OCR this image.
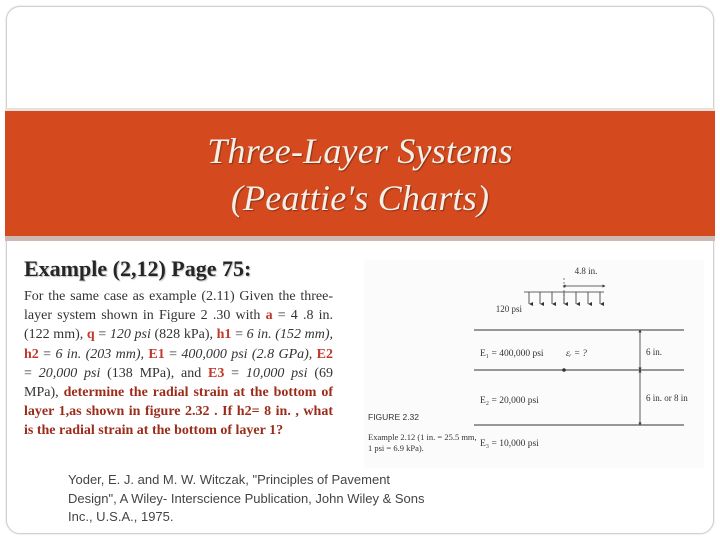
Three-Layer Systems
(Peattie's Charts)
Example (2,12) Page 75:
For the same case as example (2.11) Given the three-layer system shown in Figure 2 .30 with a = 4 .8 in. (122 mm), q = 120 psi (828 kPa), h1 = 6 in. (152 mm), h2 = 6 in. (203 mm), E1 = 400,000 psi (2.8 GPa), E2 = 20,000 psi (138 MPa), and E3 = 10,000 psi (69 MPa), determine the radial strain at the bottom of layer 1,as shown in figure 2.32 . If h2= 8 in. , what is the radial strain at the bottom of layer 1?
4.8 in.
120 psi
εᵣ = ?
E₁ = 400,000 psi
E₂ = 20,000 psi
E₃ = 10,000 psi
6 in.
6 in. or 8 in
FIGURE 2.32
Example 2.12 (1 in. = 25.5 mm,
1 psi = 6.9 kPa).
Yoder, E. J. and M. W. Witczak, "Principles of Pavement Design", A Wiley- Interscience Publication, John Wiley & Sons Inc., U.S.A., 1975.
